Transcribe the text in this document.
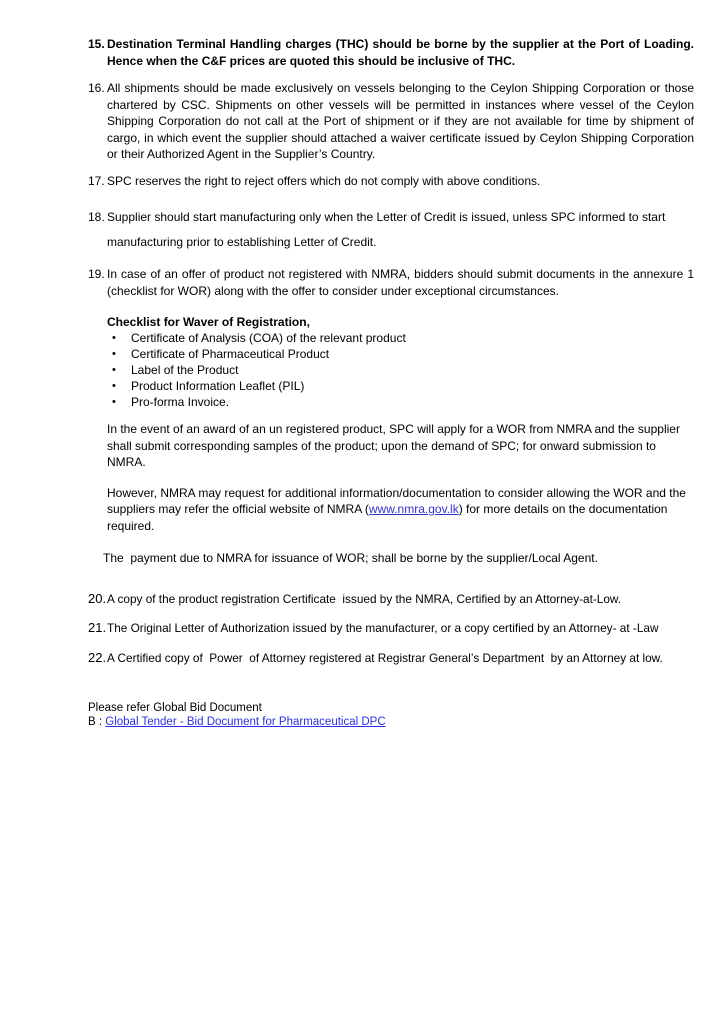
15. Destination Terminal Handling charges (THC) should be borne by the supplier at the Port of Loading. Hence when the C&F prices are quoted this should be inclusive of THC.
16. All shipments should be made exclusively on vessels belonging to the Ceylon Shipping Corporation or those chartered by CSC. Shipments on other vessels will be permitted in instances where vessel of the Ceylon Shipping Corporation do not call at the Port of shipment or if they are not available for time by shipment of cargo, in which event the supplier should attached a waiver certificate issued by Ceylon Shipping Corporation or their Authorized Agent in the Supplier’s Country.
17. SPC reserves the right to reject offers which do not comply with above conditions.
18. Supplier should start manufacturing only when the Letter of Credit is issued, unless SPC informed to start manufacturing prior to establishing Letter of Credit.
19. In case of an offer of product not registered with NMRA, bidders should submit documents in the annexure 1 (checklist for WOR) along with the offer to consider under exceptional circumstances.
Checklist for Waver of Registration,
•	Certificate of Analysis (COA) of the relevant product
•	Certificate of Pharmaceutical Product
•	Label of the Product
•	Product Information Leaflet (PIL)
•	Pro-forma Invoice.
In the event of an award of an un registered product, SPC will apply for a WOR from NMRA and the supplier shall submit corresponding samples of the product; upon the demand of SPC; for onward submission to NMRA.
However, NMRA may request for additional information/documentation to consider allowing the WOR and the suppliers may refer the official website of NMRA (www.nmra.gov.lk) for more details on the documentation required.
The  payment due to NMRA for issuance of WOR; shall be borne by the supplier/Local Agent.
20. A copy of the product registration Certificate  issued by the NMRA, Certified by an Attorney-at-Low.
21. The Original Letter of Authorization issued by the manufacturer, or a copy certified by an Attorney- at -Law
22. A Certified copy of  Power  of Attorney registered at Registrar General’s Department  by an Attorney at low.
Please refer Global Bid Document
B : Global Tender - Bid Document for Pharmaceutical DPC
